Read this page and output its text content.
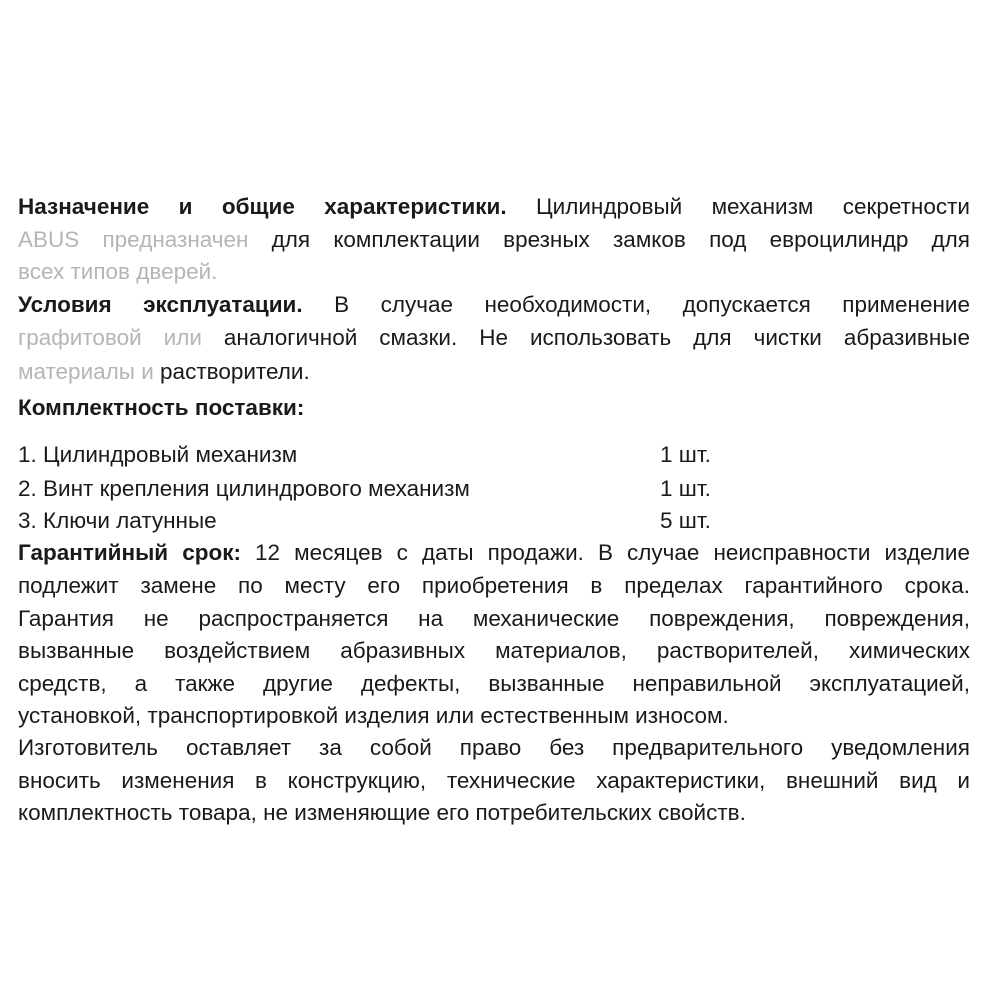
Назначение и общие характеристики. Цилиндровый механизм секретности
ABUS предназначен для комплектации врезных замков под евроцилиндр для
всех типов дверей.
Условия эксплуатации. В случае необходимости, допускается применение
графитовой или аналогичной смазки. Не использовать для чистки абразивные
материалы и растворители.
Комплектность поставки:
1. Цилиндровый механизм	1 шт.
2. Винт крепления цилиндрового механизм	1 шт.
3. Ключи латунные	5 шт.
Гарантийный срок: 12 месяцев с даты продажи. В случае неисправности изделие
подлежит замене по месту его приобретения в пределах гарантийного срока.
Гарантия не распространяется на механические повреждения, повреждения,
вызванные воздействием абразивных материалов, растворителей, химических
средств, а также другие дефекты, вызванные неправильной эксплуатацией,
установкой, транспортировкой изделия или естественным износом.
Изготовитель оставляет за собой право без предварительного уведомления
вносить изменения в конструкцию, технические характеристики, внешний вид и
комплектность товара, не изменяющие его потребительских свойств.
